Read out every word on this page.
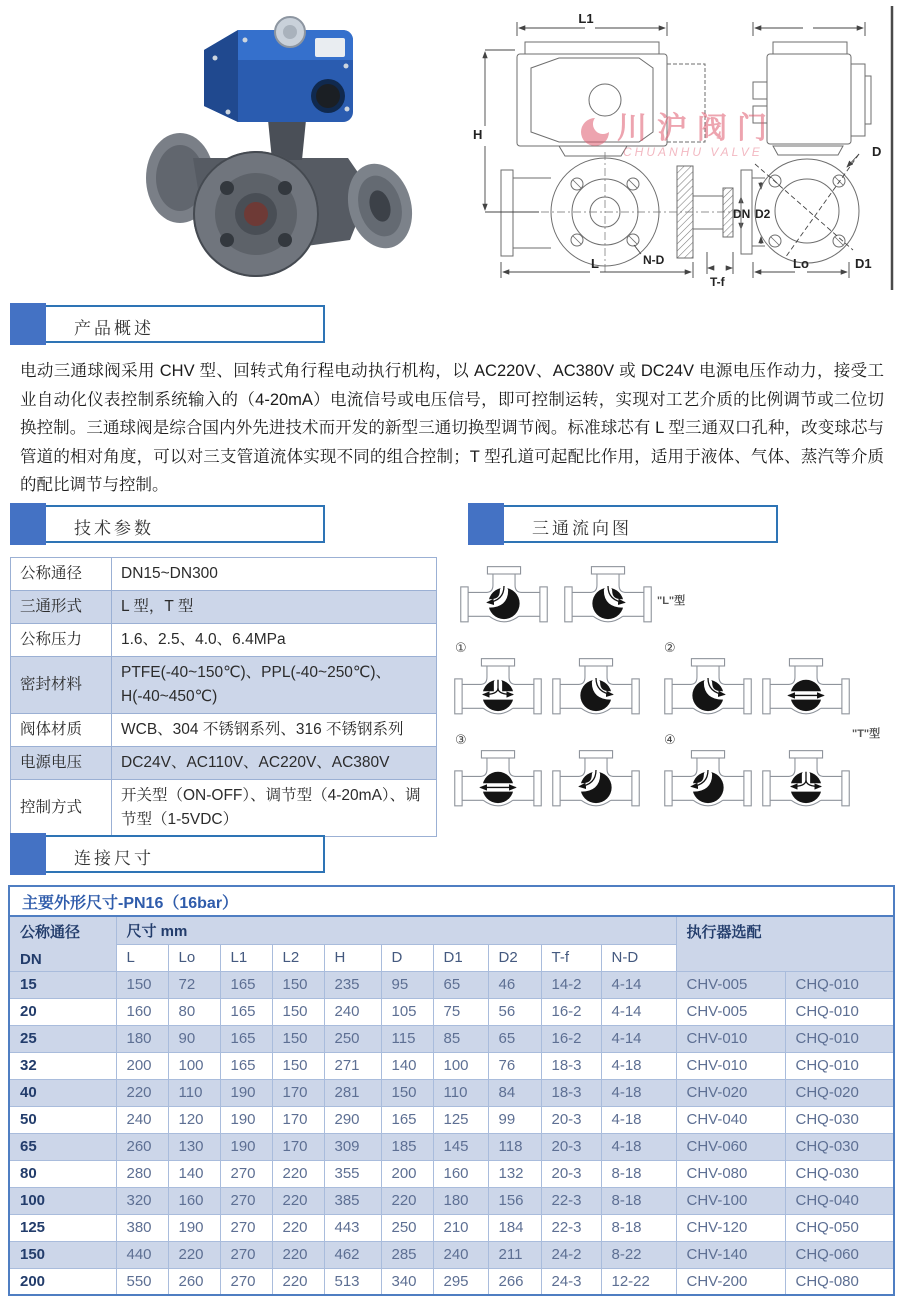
L1
H
DN D2
N-D
T-f
L
D
D1
Lo
川沪阀门
CHUANHU VALVE
产品概述
电动三通球阀采用 CHV 型、回转式角行程电动执行机构，以 AC220V、AC380V 或 DC24V 电源电压作动力，接受工业自动化仪表控制系统输入的（4-20mA）电流信号或电压信号，即可控制运转，实现对工艺介质的比例调节或二位切换控制。三通球阀是综合国内外先进技术而开发的新型三通切换型调节阀。标准球芯有 L 型三通双口孔种，改变球芯与管道的相对角度，可以对三支管道流体实现不同的组合控制；T 型孔道可起配比作用，适用于液体、气体、蒸汽等介质的配比调节与控制。
技术参数
公称通径	DN15~DN300
三通形式	L 型，T 型
公称压力	1.6、2.5、4.0、6.4MPa
密封材料	PTFE(-40~150℃)、PPL(-40~250℃)、H(-40~450℃)
阀体材质	WCB、304 不锈钢系列、316 不锈钢系列
电源电压	DC24V、AC110V、AC220V、AC380V
控制方式	开关型（ON-OFF）、调节型（4-20mA）、调节型（1-5VDC）
三通流向图
"L"型
①	②
③	④	"T"型
连接尺寸
主要外形尺寸-PN16（16bar）												

公称通径
DN	尺寸 mm										执行器选配	
	L	Lo	L1	L2	H	D	D1	D2	T-f	N-D		
15	150	72	165	150	235	95	65	46	14-2	4-14	CHV-005	CHQ-010
20	160	80	165	150	240	105	75	56	16-2	4-14	CHV-005	CHQ-010
25	180	90	165	150	250	115	85	65	16-2	4-14	CHV-010	CHQ-010
32	200	100	165	150	271	140	100	76	18-3	4-18	CHV-010	CHQ-010
40	220	110	190	170	281	150	110	84	18-3	4-18	CHV-020	CHQ-020
50	240	120	190	170	290	165	125	99	20-3	4-18	CHV-040	CHQ-030
65	260	130	190	170	309	185	145	118	20-3	4-18	CHV-060	CHQ-030
80	280	140	270	220	355	200	160	132	20-3	8-18	CHV-080	CHQ-030
100	320	160	270	220	385	220	180	156	22-3	8-18	CHV-100	CHQ-040
125	380	190	270	220	443	250	210	184	22-3	8-18	CHV-120	CHQ-050
150	440	220	270	220	462	285	240	211	24-2	8-22	CHV-140	CHQ-060
200	550	260	270	220	513	340	295	266	24-3	12-22	CHV-200	CHQ-080
